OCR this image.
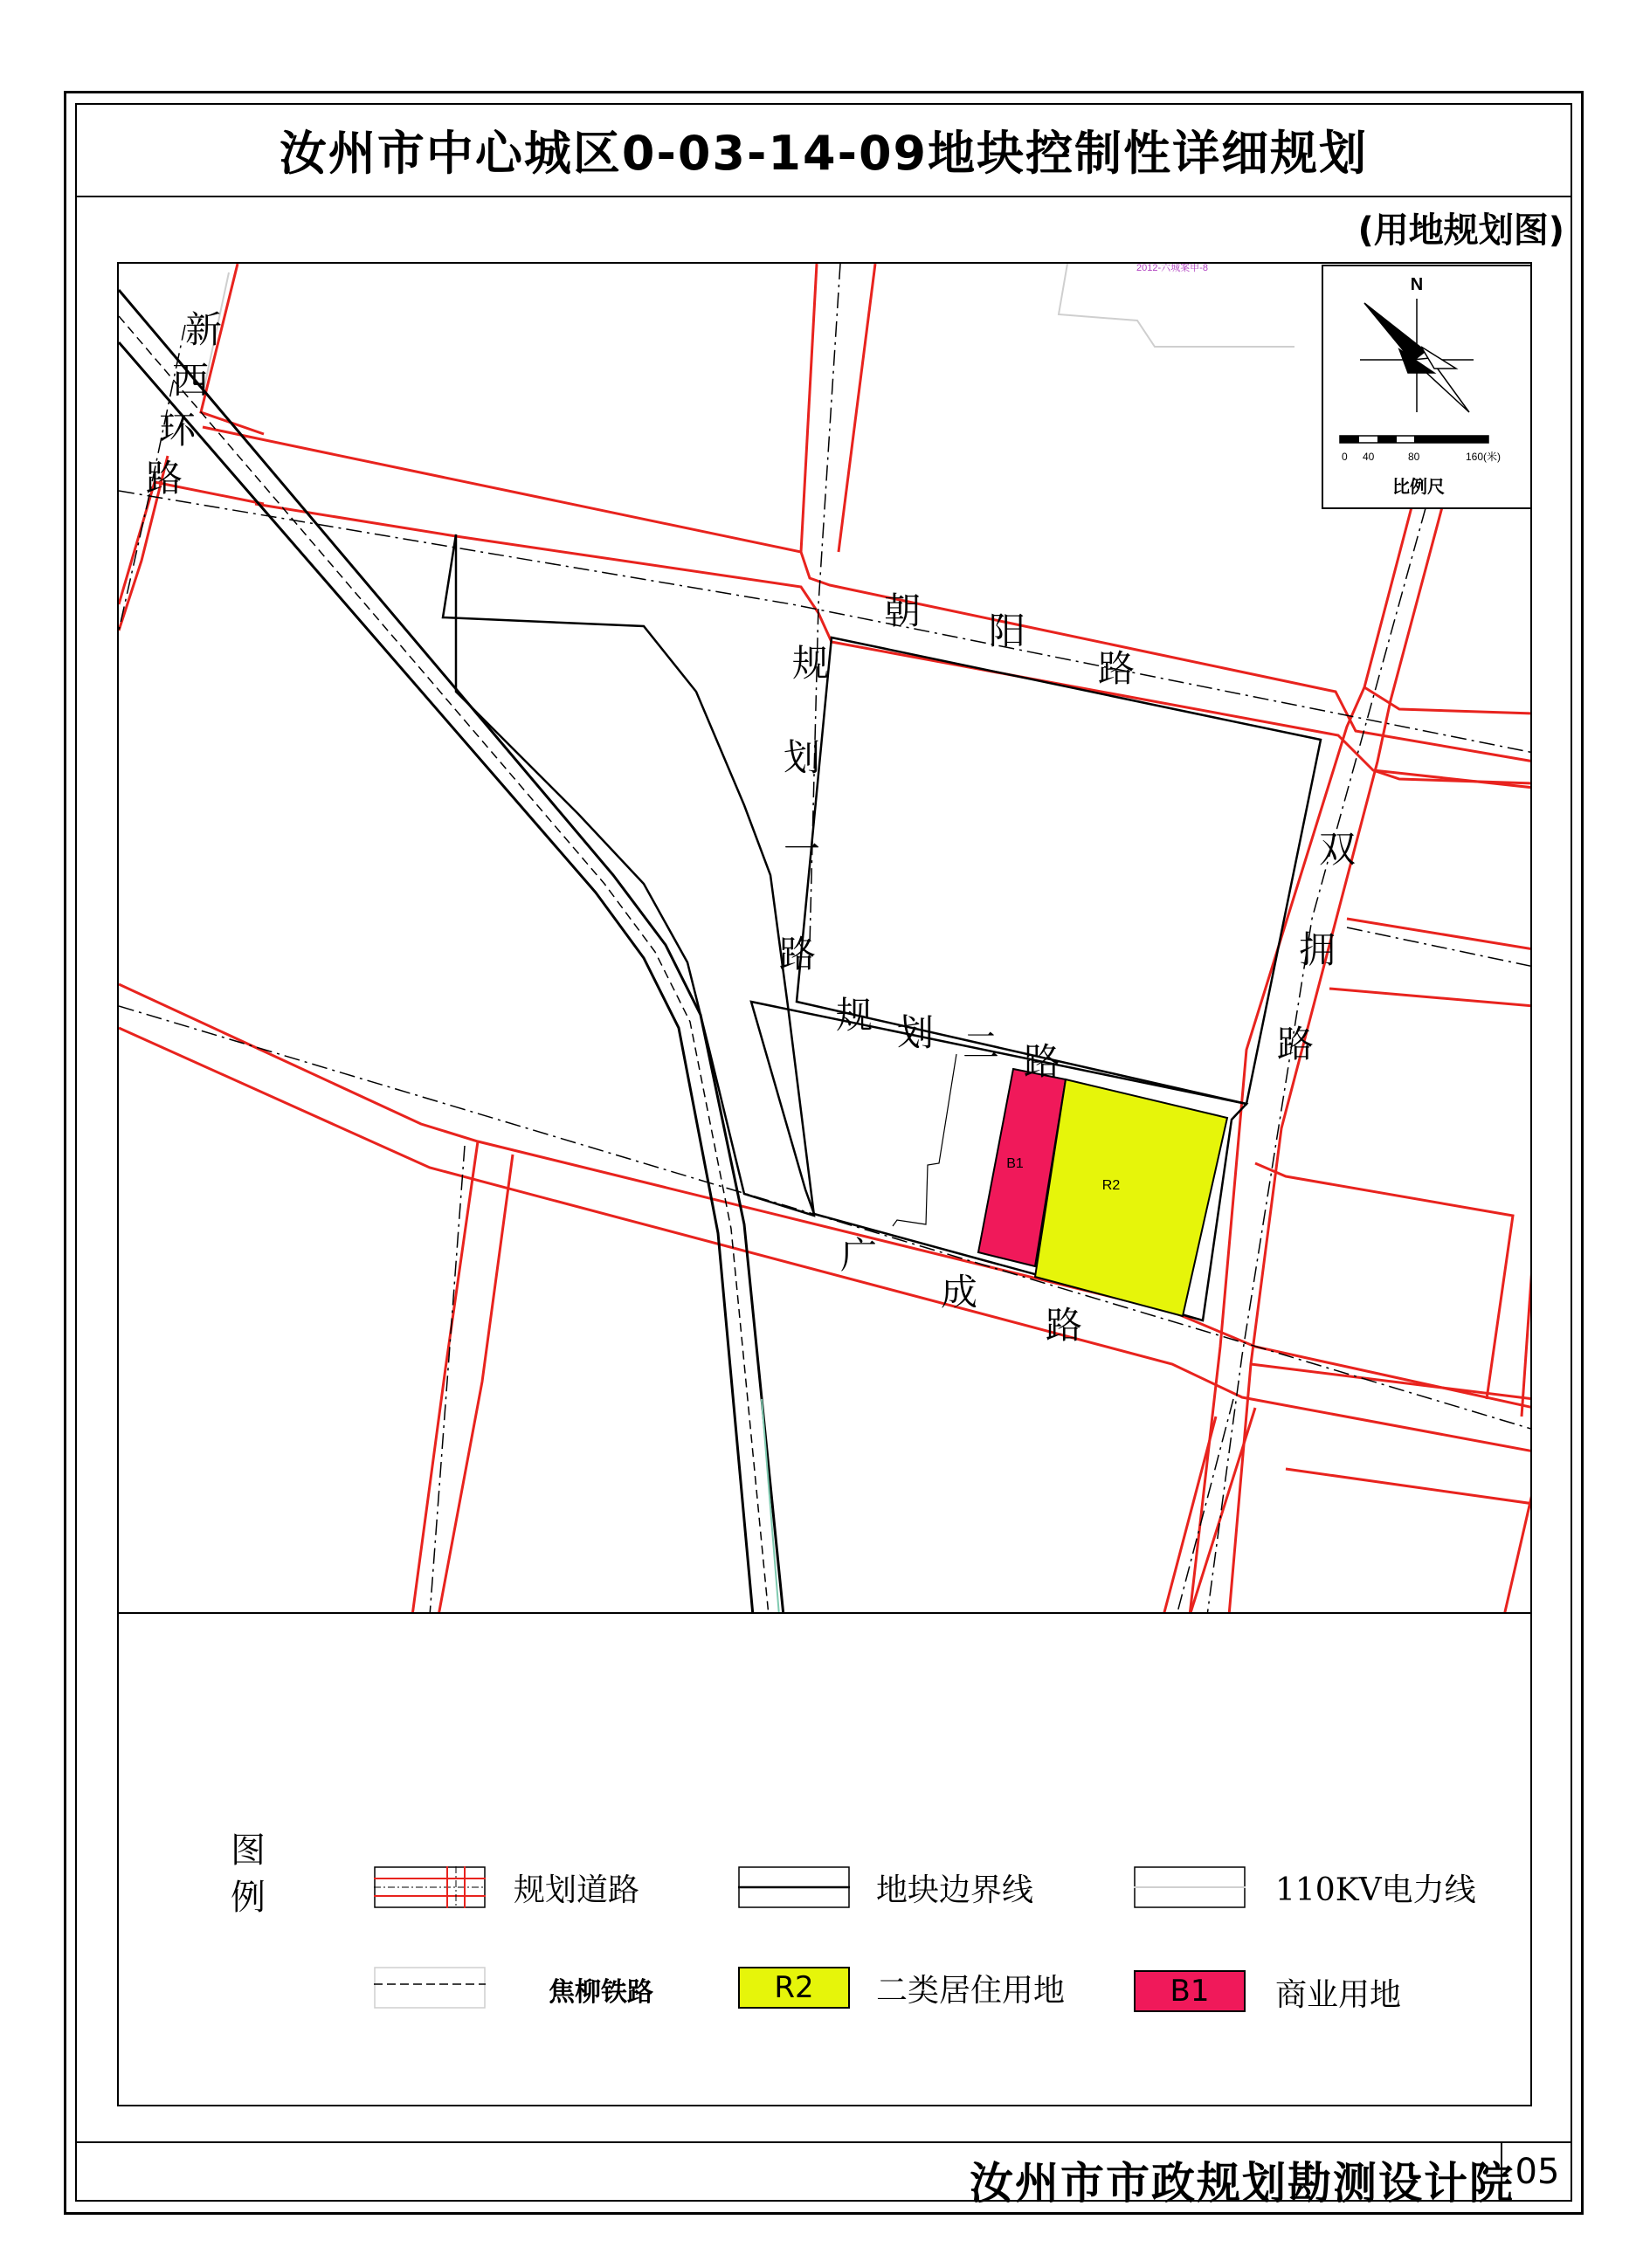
汝州市中心城区0-03-14-09地块控制性详细规划
(用地规划图)
B1
R2
2012-六城案甲-8
新
西
环
路
朝 阳
路
规
划
一
路
规 划 二 路
双
拥
路
广
成
路
N
0 40	80	160(米)
比例尺
图
例	规划道路	地块边界线	110KV电力线
焦柳铁路	R2	二类居住用地	B1	商业用地
汝州市市政规划勘测设计院 05
